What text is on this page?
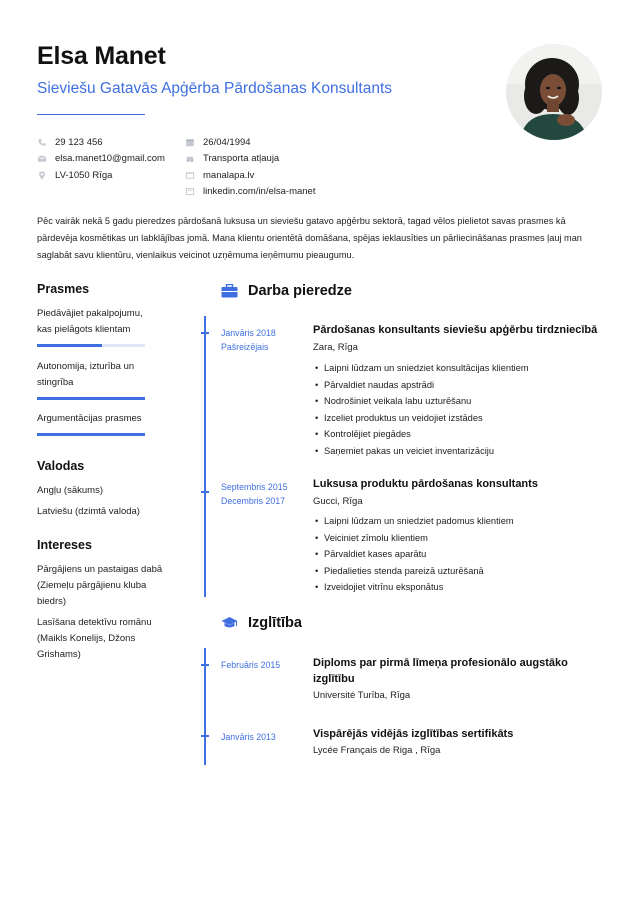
Elsa Manet
Sieviešu Gatavās Apģērba Pārdošanas Konsultants
29 123 456
elsa.manet10@gmail.com
LV-1050 Rīga
26/04/1994
Transporta atļauja
manalapa.lv
linkedin.com/in/elsa-manet
Pēc vairāk nekā 5 gadu pieredzes pārdošanā luksusa un sieviešu gatavo apģērbu sektorā, tagad vēlos pielietot savas prasmes kā pārdevēja kosmētikas un labklājības jomā. Mana klientu orientētā domāšana, spējas ieklausīties un pārliecināšanas prasmes ļauj man saglabāt savu klientūru, vienlaikus veicinot uzņēmuma ieņēmumu pieaugumu.
Prasmes
Piedāvājiet pakalpojumu, kas pielāgots klientam
Autonomija, izturība un stingrība
Argumentācijas prasmes
Valodas
Angļu (sākums)
Latviešu (dzimtā valoda)
Intereses
Pārgājiens un pastaigas dabā (Ziemeļu pārgājienu kluba biedrs)
Lasīšana detektīvu romānu (Maikls Konelijs, Džons Grishams)
Darba pieredze
Janvāris 2018
Pašreizējais
Pārdošanas konsultants sieviešu apģērbu tirdzniecībā
Zara, Rīga
• Laipni lūdzam un sniedziet konsultācijas klientiem
• Pārvaldiet naudas apstrādi
• Nodrošiniet veikala labu uzturēšanu
• Izceliet produktus un veidojiet izstādes
• Kontrolējiet piegādes
• Saņemiet pakas un veiciet inventarizāciju
Septembris 2015
Decembris 2017
Luksusa produktu pārdošanas konsultants
Gucci, Rīga
• Laipni lūdzam un sniedziet padomus klientiem
• Veiciniet zīmolu klientiem
• Pārvaldiet kases aparātu
• Piedalieties stenda pareizā uzturēšanā
• Izveidojiet vitrīnu eksponātus
Izglītība
Februāris 2015	Diploms par pirmā līmeņa profesionālo augstāko izglītību
Université Turība, Rīga
Janvāris 2013	Vispārējās vidējās izglītības sertifikāts
Lycée Français de Riga , Rīga
